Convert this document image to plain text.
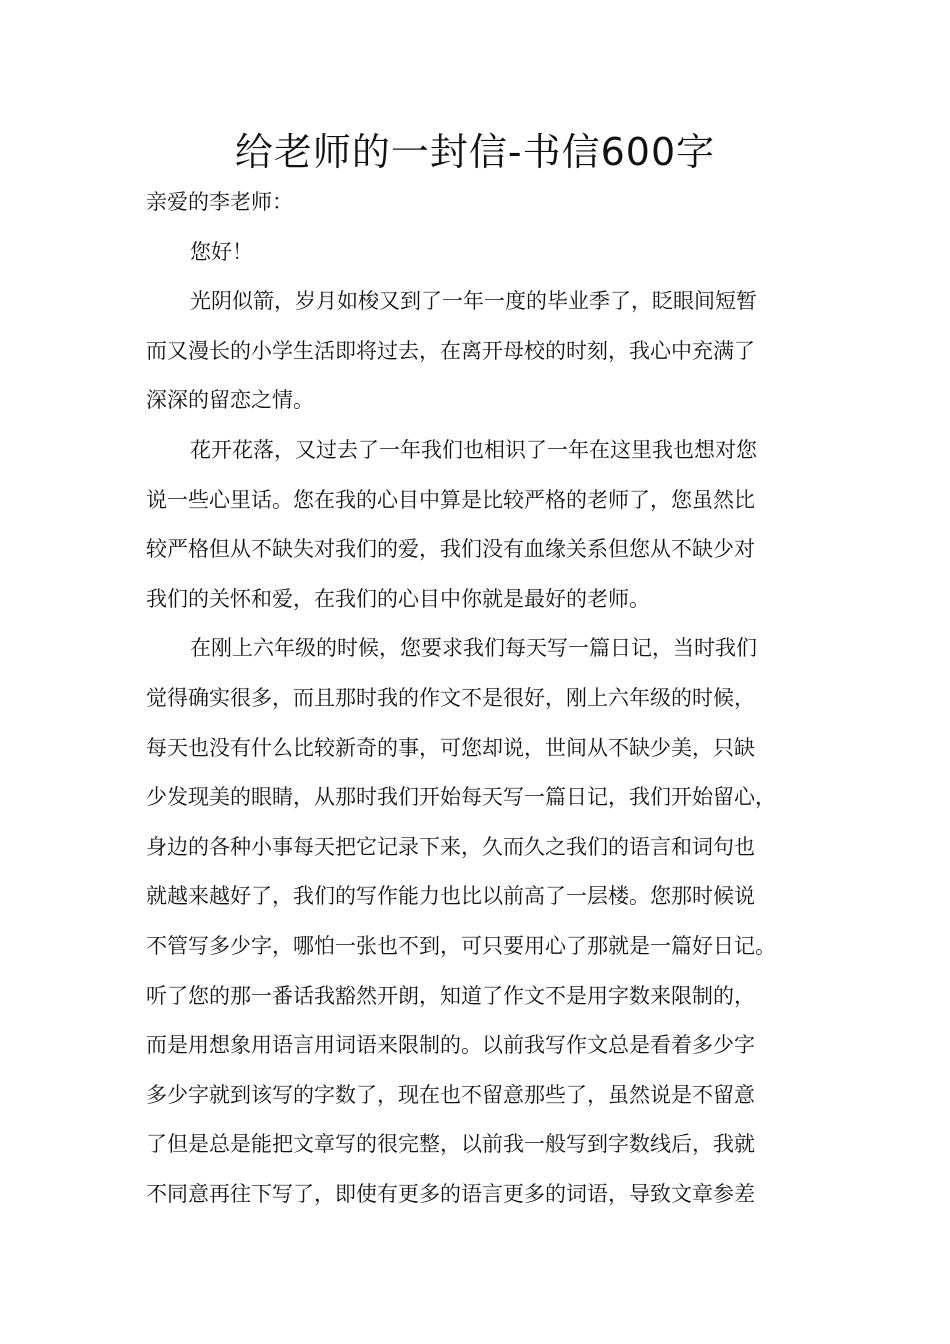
给老师的一封信-书信600字
亲爱的李老师：
您好！
光阴似箭，岁月如梭又到了一年一度的毕业季了，眨眼间短暂
而又漫长的小学生活即将过去，在离开母校的时刻，我心中充满了
深深的留恋之情。
花开花落，又过去了一年我们也相识了一年在这里我也想对您
说一些心里话。您在我的心目中算是比较严格的老师了，您虽然比
较严格但从不缺失对我们的爱，我们没有血缘关系但您从不缺少对
我们的关怀和爱，在我们的心目中你就是最好的老师。
在刚上六年级的时候，您要求我们每天写一篇日记，当时我们
觉得确实很多，而且那时我的作文不是很好，刚上六年级的时候，
每天也没有什么比较新奇的事，可您却说，世间从不缺少美，只缺
少发现美的眼睛，从那时我们开始每天写一篇日记，我们开始留心，
身边的各种小事每天把它记录下来，久而久之我们的语言和词句也
就越来越好了，我们的写作能力也比以前高了一层楼。您那时候说
不管写多少字，哪怕一张也不到，可只要用心了那就是一篇好日记。
听了您的那一番话我豁然开朗，知道了作文不是用字数来限制的，
而是用想象用语言用词语来限制的。以前我写作文总是看着多少字
多少字就到该写的字数了，现在也不留意那些了，虽然说是不留意
了但是总是能把文章写的很完整，以前我一般写到字数线后，我就
不同意再往下写了，即使有更多的语言更多的词语，导致文章参差
